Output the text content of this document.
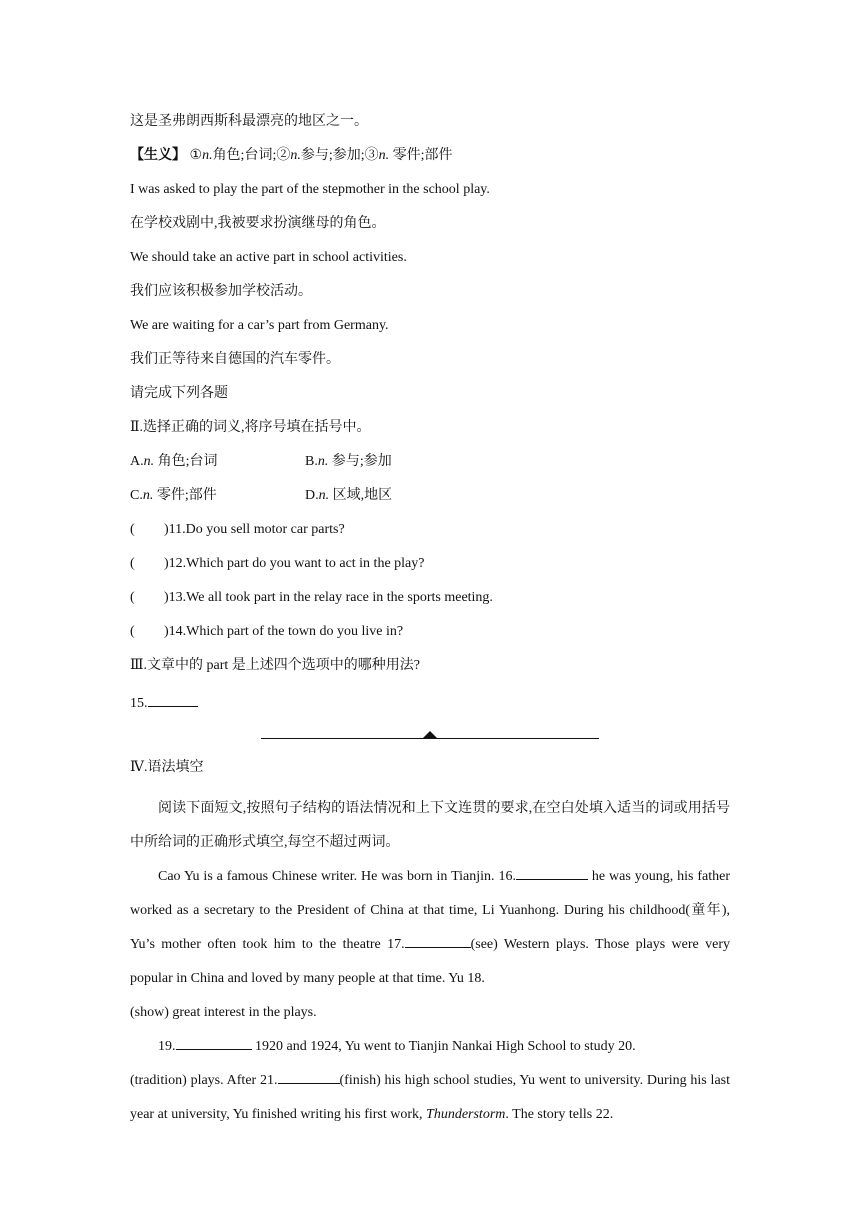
这是圣弗朗西斯科最漂亮的地区之一。
【生义】 ①n.角色;台词;②n.参与;参加;③n. 零件;部件
I was asked to play the part of the stepmother in the school play.
在学校戏剧中,我被要求扮演继母的角色。
We should take an active part in school activities.
我们应该积极参加学校活动。
We are waiting for a car’s part from Germany.
我们正等待来自德国的汽车零件。
请完成下列各题
Ⅱ.选择正确的词义,将序号填在括号中。
A.n. 角色;台词	B.n. 参与;参加
C.n. 零件;部件	D.n. 区域,地区
( )11.Do you sell motor car parts?
( )12.Which part do you want to act in the play?
( )13.We all took part in the relay race in the sports meeting.
( )14.Which part of the town do you live in?
Ⅲ.文章中的 part 是上述四个选项中的哪种用法?
15.
Ⅳ.语法填空

阅读下面短文,按照句子结构的语法情况和上下文连贯的要求,在空白处填入适当的词或用括号中所给词的正确形式填空,每空不超过两词。

Cao Yu is a famous Chinese writer. He was born in Tianjin. 16.	he was young, his father worked as a secretary to the President of China at that time, Li Yuanhong. During his childhood(童年), Yu’s mother often took him to the theatre 17.	(see) Western plays. Those plays were very popular in China and loved by many people at that time. Yu 18.
(show) great interest in the plays.

19.	1920 and 1924, Yu went to Tianjin Nankai High School to study 20.
(tradition) plays. After 21.	(finish) his high school studies, Yu went to university. During his last year at university, Yu finished writing his first work, Thunderstorm. The story tells 22.
